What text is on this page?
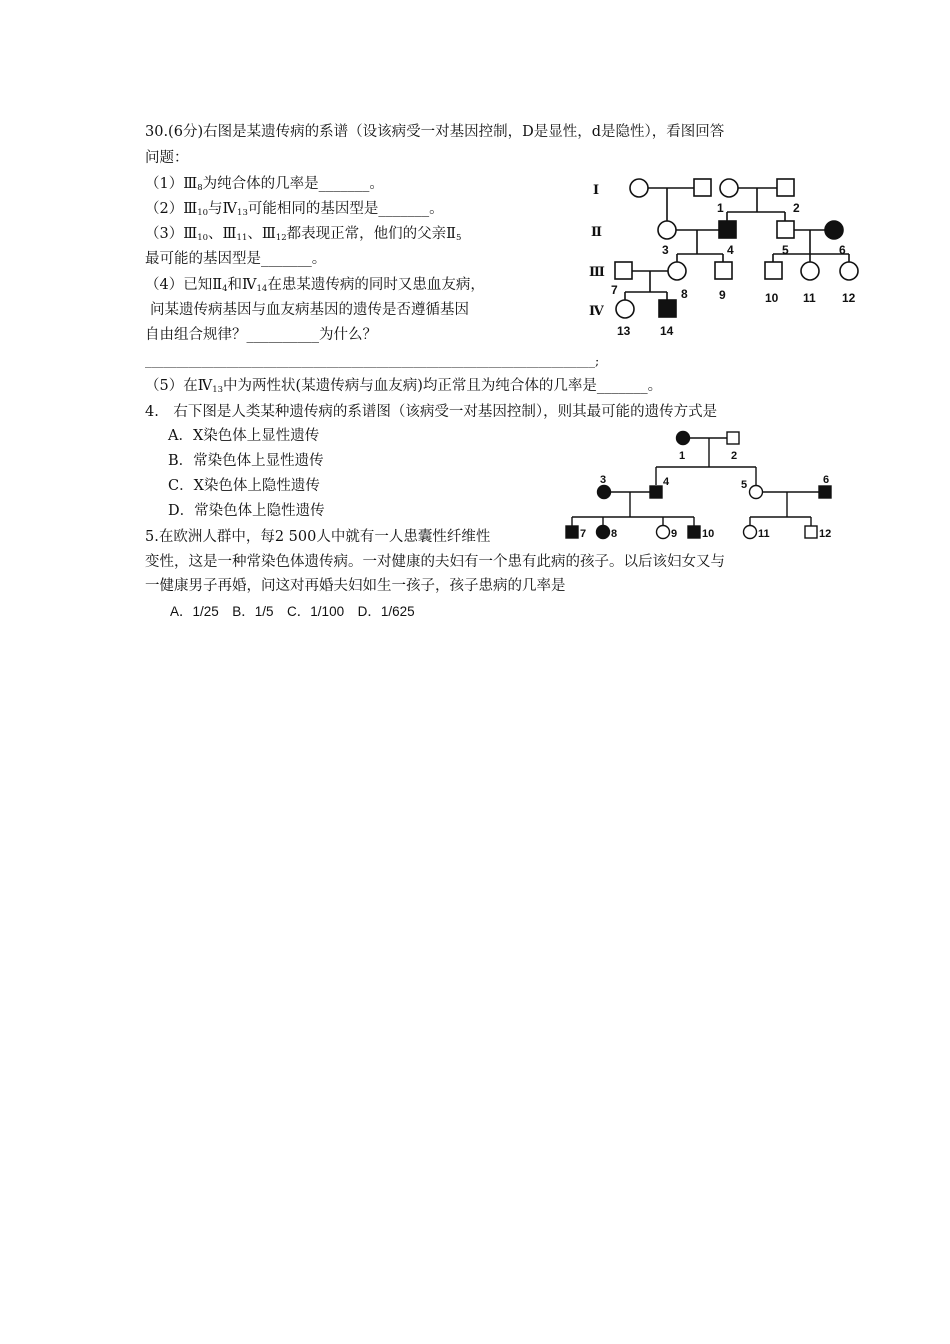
30.(6分)右图是某遗传病的系谱（设该病受一对基因控制，D是显性，d是隐性），看图回答
问题：
$(1)Ⅲ_8$为纯合体的几率是_______。
$(2)Ⅲ_{10}$与$Ⅳ_{13}$可能相同的基因型是_______。
$(3)Ⅲ_{10}$、$Ⅲ_{11}$、$Ⅲ_{12}$都表现正常，他们的父亲$Ⅱ_5$
最可能的基因型是_______。
（4）已知$Ⅱ_4$和$Ⅳ_{14}$在患某遗传病的同时又患血友病，
问某遗传病基因与血友病基因的遗传是否遵循基因
自由组合规律？__________为什么？
________________________________________________________________________;
（5）在$Ⅳ_{13}$中为两性状(某遗传病与血友病)均正常且为纯合体的几率是_______。
4.　右下图是人类某种遗传病的系谱图（该病受一对基因控制），则其最可能的遗传方式是
A．X染色体上显性遗传
B．常染色体上显性遗传
C．X染色体上隐性遗传
D．常染色体上隐性遗传
5.在欧洲人群中，每2 500人中就有一人患囊性纤维性
变性，这是一种常染色体遗传病。一对健康的夫妇有一个患有此病的孩子。以后该妇女又与
一健康男子再婚，问这对再婚夫妇如生一孩子，孩子患病的几率是
A．1/25　B．1/5　C．1/100　D．1/625
Ⅰ
Ⅱ
Ⅲ
Ⅳ
1	2
3	4	5	6
7	8	9	10 11 12
13 14
1	2
3	4	5	6
7 8	9 10	11	12
